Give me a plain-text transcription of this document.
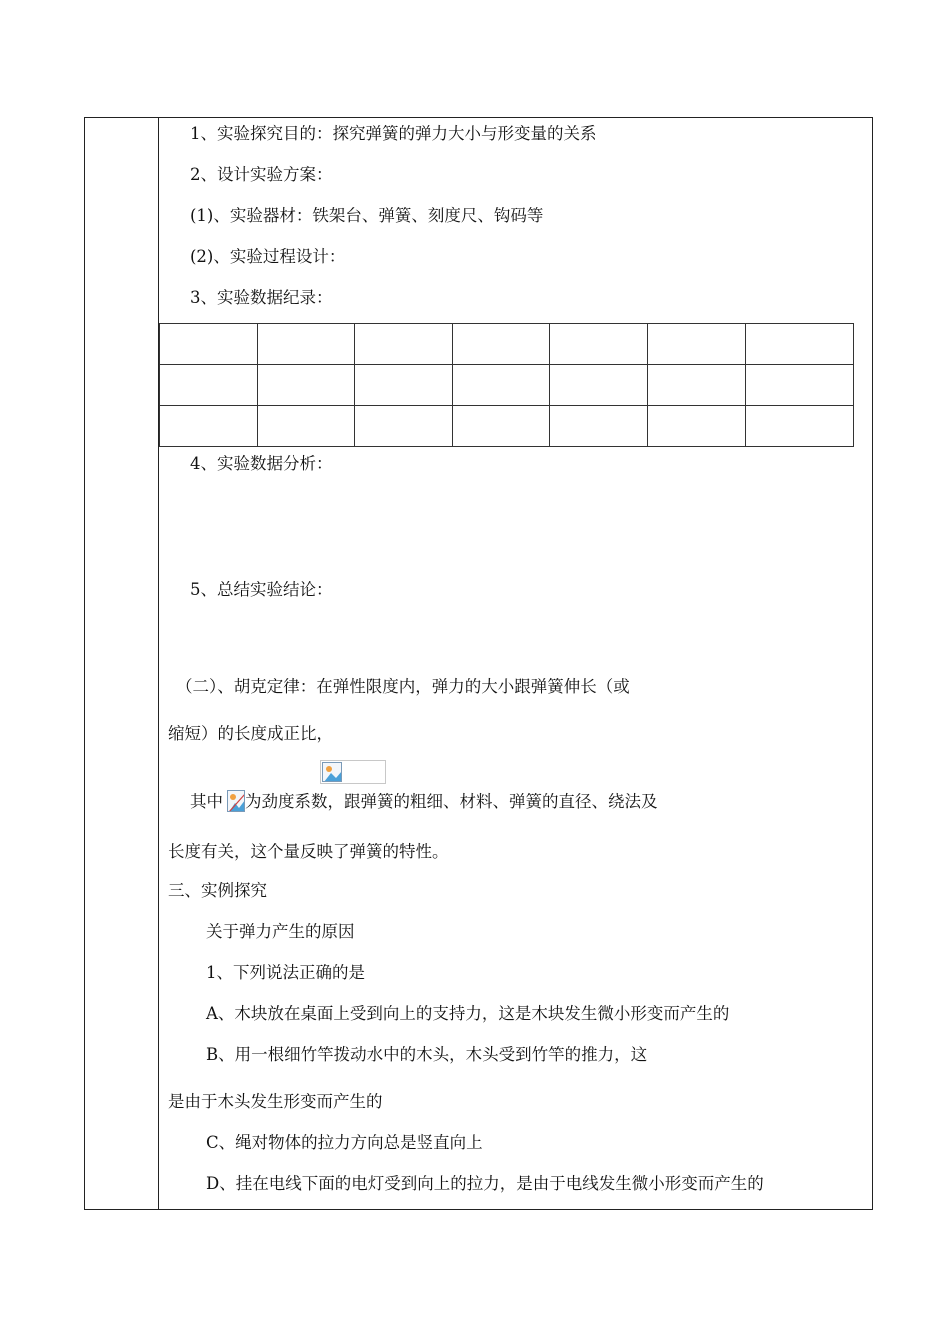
1、实验探究目的：探究弹簧的弹力大小与形变量的关系
2、设计实验方案：
(1)、实验器材：铁架台、弹簧、刻度尺、钩码等
(2)、实验过程设计：
3、实验数据纪录：

4、实验数据分析：
5、总结实验结论：
（二）、胡克定律：在弹性限度内，弹力的大小跟弹簧伸长（或
缩短）的长度成正比，
其中 为劲度系数，跟弹簧的粗细、材料、弹簧的直径、绕法及
长度有关，这个量反映了弹簧的特性。
三、实例探究
关于弹力产生的原因
1、下列说法正确的是
A、木块放在桌面上受到向上的支持力，这是木块发生微小形变而产生的
B、用一根细竹竿拨动水中的木头，木头受到竹竿的推力，这
是由于木头发生形变而产生的
C、绳对物体的拉力方向总是竖直向上
D、挂在电线下面的电灯受到向上的拉力，是由于电线发生微小形变而产生的
